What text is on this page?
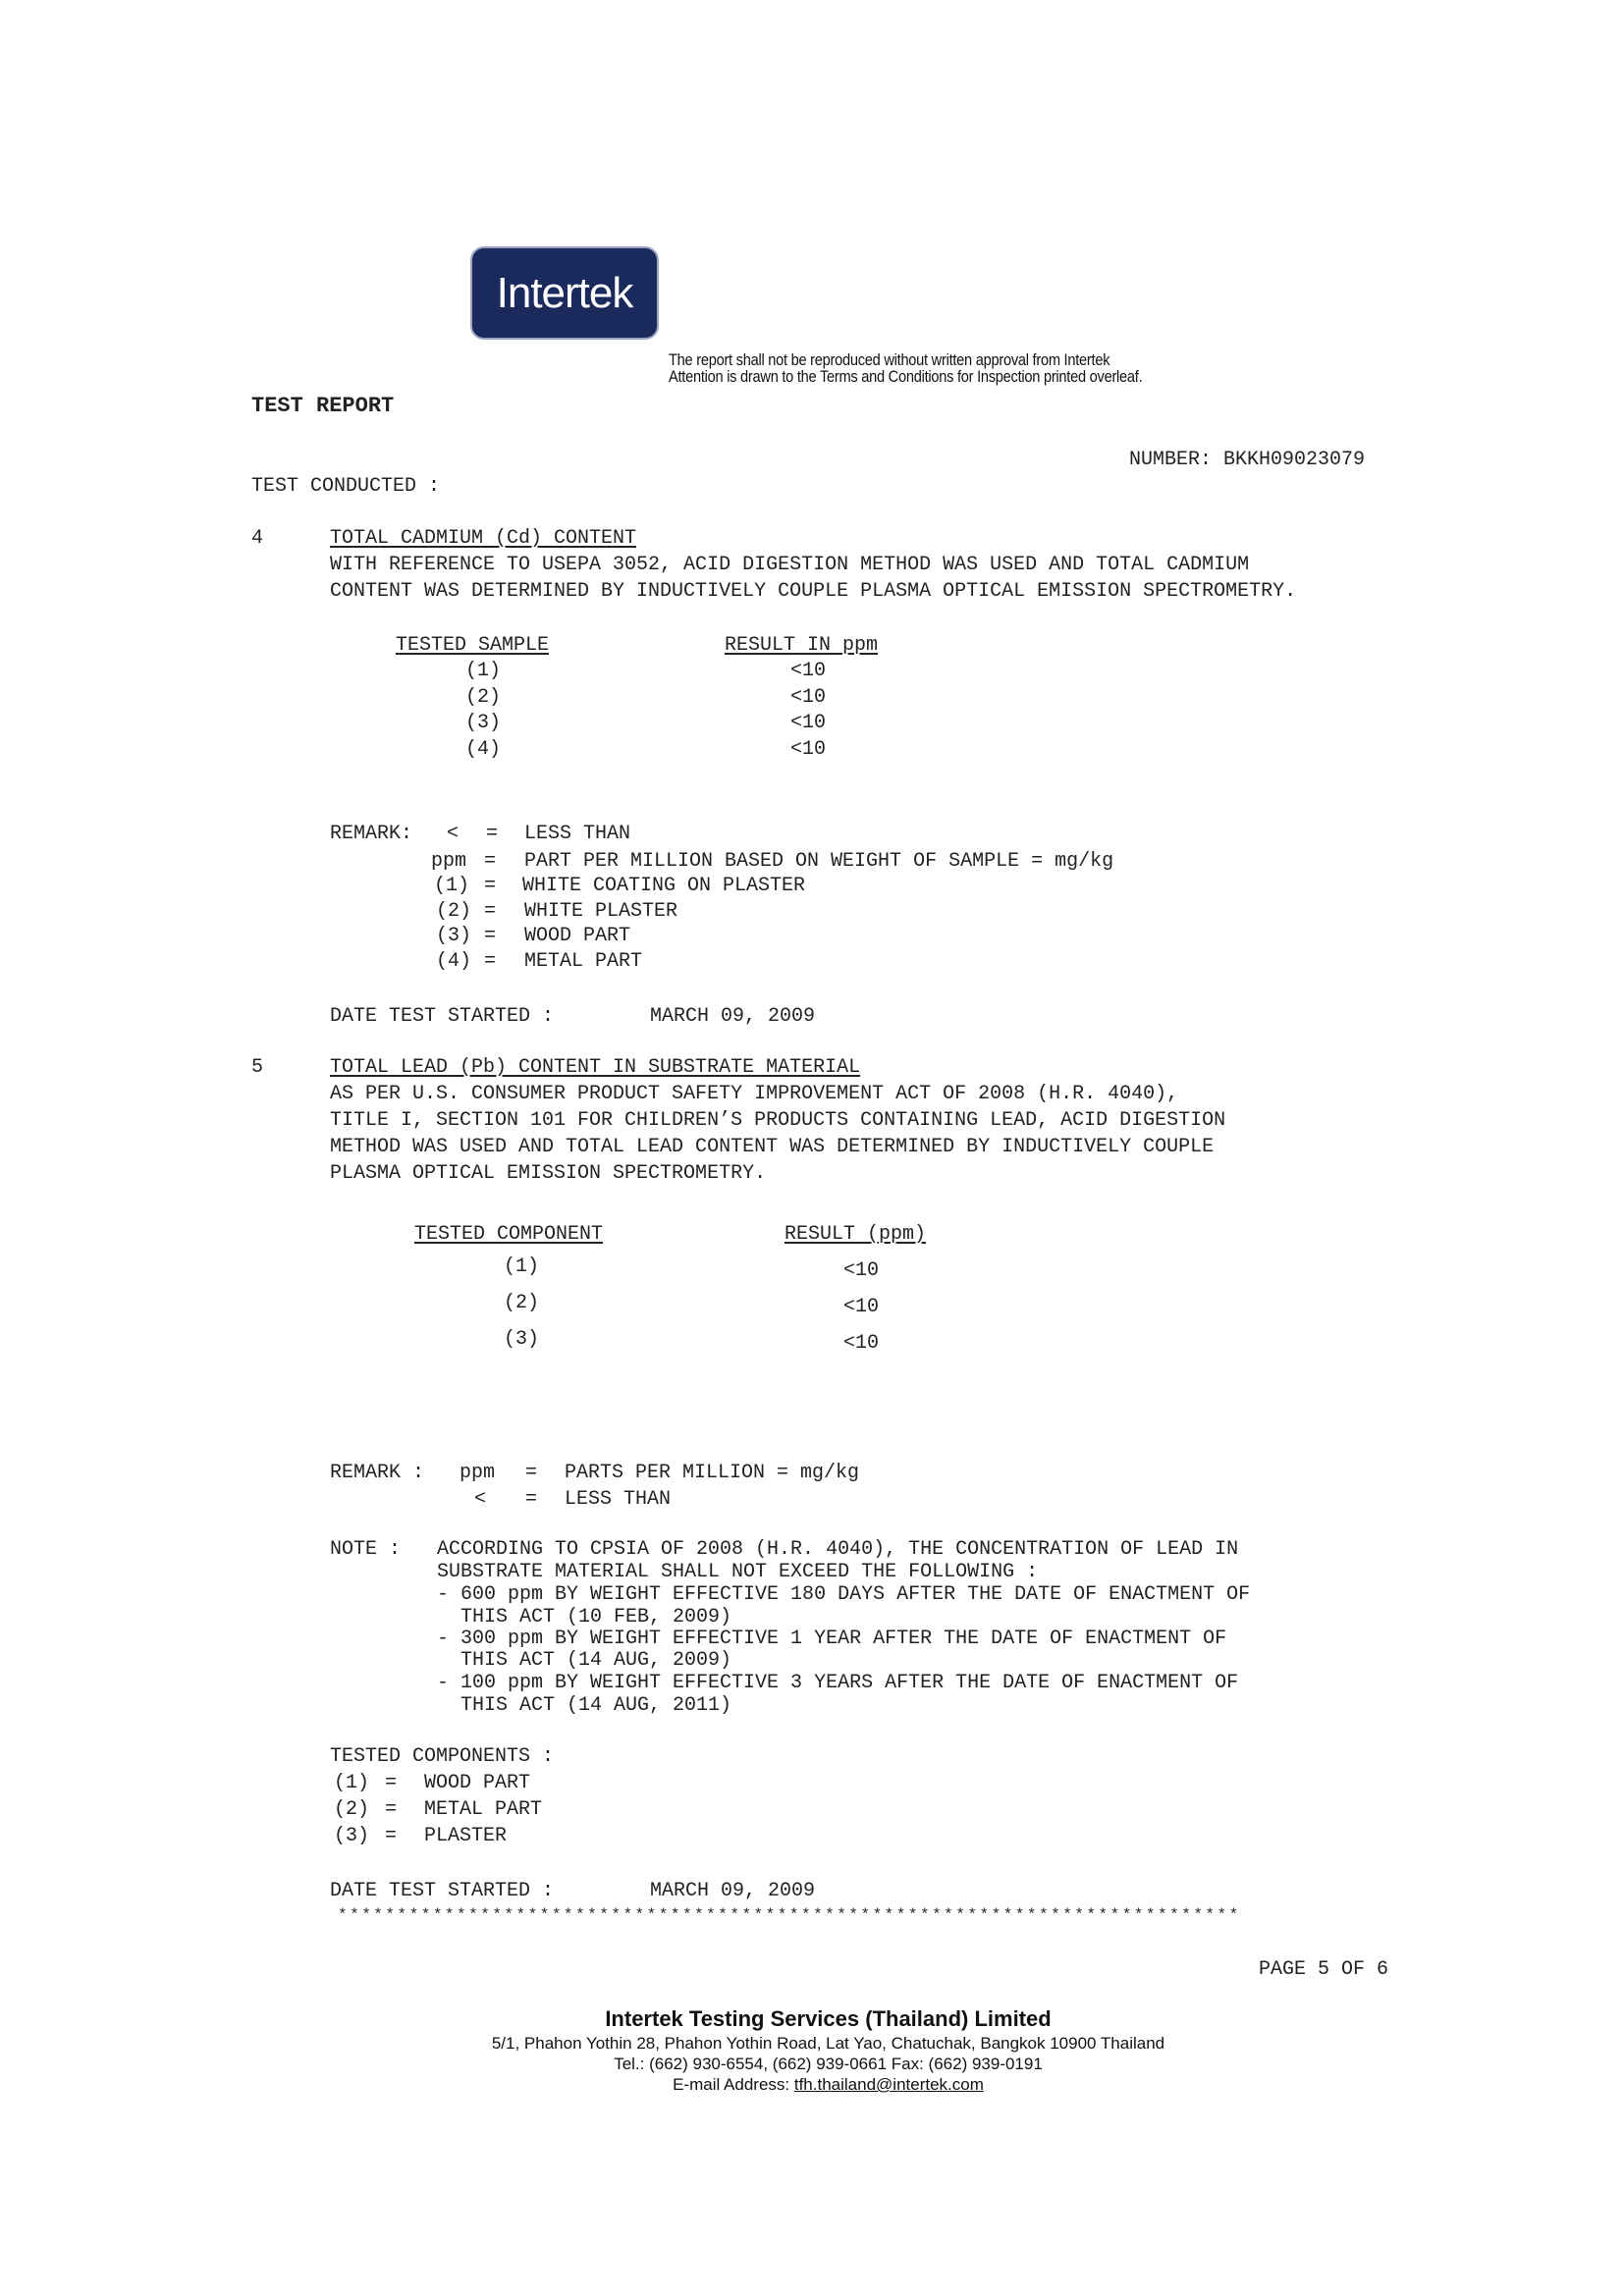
Intertek
The report shall not be reproduced without written approval from Intertek
Attention is drawn to the Terms and Conditions for Inspection printed overleaf.
TEST REPORT
NUMBER: BKKH09023079
TEST CONDUCTED :
4	TOTAL CADMIUM (Cd) CONTENT
WITH REFERENCE TO USEPA 3052, ACID DIGESTION METHOD WAS USED AND TOTAL CADMIUM
CONTENT WAS DETERMINED BY INDUCTIVELY COUPLE PLASMA OPTICAL EMISSION SPECTROMETRY.
TESTED SAMPLE	RESULT IN ppm
(1)	<10
(2)	<10
(3)	<10
(4)	<10
REMARK: < = LESS THAN
ppm = PART PER MILLION BASED ON WEIGHT OF SAMPLE = mg/kg
(1) = WHITE COATING ON PLASTER
(2) = WHITE PLASTER
(3) = WOOD PART
(4) = METAL PART
DATE TEST STARTED :	MARCH 09, 2009
5	TOTAL LEAD (Pb) CONTENT IN SUBSTRATE MATERIAL
AS PER U.S. CONSUMER PRODUCT SAFETY IMPROVEMENT ACT OF 2008 (H.R. 4040),
TITLE I, SECTION 101 FOR CHILDREN’S PRODUCTS CONTAINING LEAD, ACID DIGESTION
METHOD WAS USED AND TOTAL LEAD CONTENT WAS DETERMINED BY INDUCTIVELY COUPLE
PLASMA OPTICAL EMISSION SPECTROMETRY.
TESTED COMPONENT	RESULT (ppm)
(1)	<10
(2)	<10
(3)	<10
REMARK : ppm = PARTS PER MILLION = mg/kg
< = LESS THAN
NOTE : ACCORDING TO CPSIA OF 2008 (H.R. 4040), THE CONCENTRATION OF LEAD IN
SUBSTRATE MATERIAL SHALL NOT EXCEED THE FOLLOWING :
- 600 ppm BY WEIGHT EFFECTIVE 180 DAYS AFTER THE DATE OF ENACTMENT OF
THIS ACT (10 FEB, 2009)
- 300 ppm BY WEIGHT EFFECTIVE 1 YEAR AFTER THE DATE OF ENACTMENT OF
THIS ACT (14 AUG, 2009)
- 100 ppm BY WEIGHT EFFECTIVE 3 YEARS AFTER THE DATE OF ENACTMENT OF
THIS ACT (14 AUG, 2011)
TESTED COMPONENTS :
(1) = WOOD PART
(2) = METAL PART
(3) = PLASTER
DATE TEST STARTED :	MARCH 09, 2009
****************************************************************************
PAGE 5 OF 6
Intertek Testing Services (Thailand) Limited
5/1, Phahon Yothin 28, Phahon Yothin Road, Lat Yao, Chatuchak, Bangkok 10900 Thailand
Tel.: (662) 930-6554, (662) 939-0661 Fax: (662) 939-0191
E-mail Address: tfh.thailand@intertek.com
